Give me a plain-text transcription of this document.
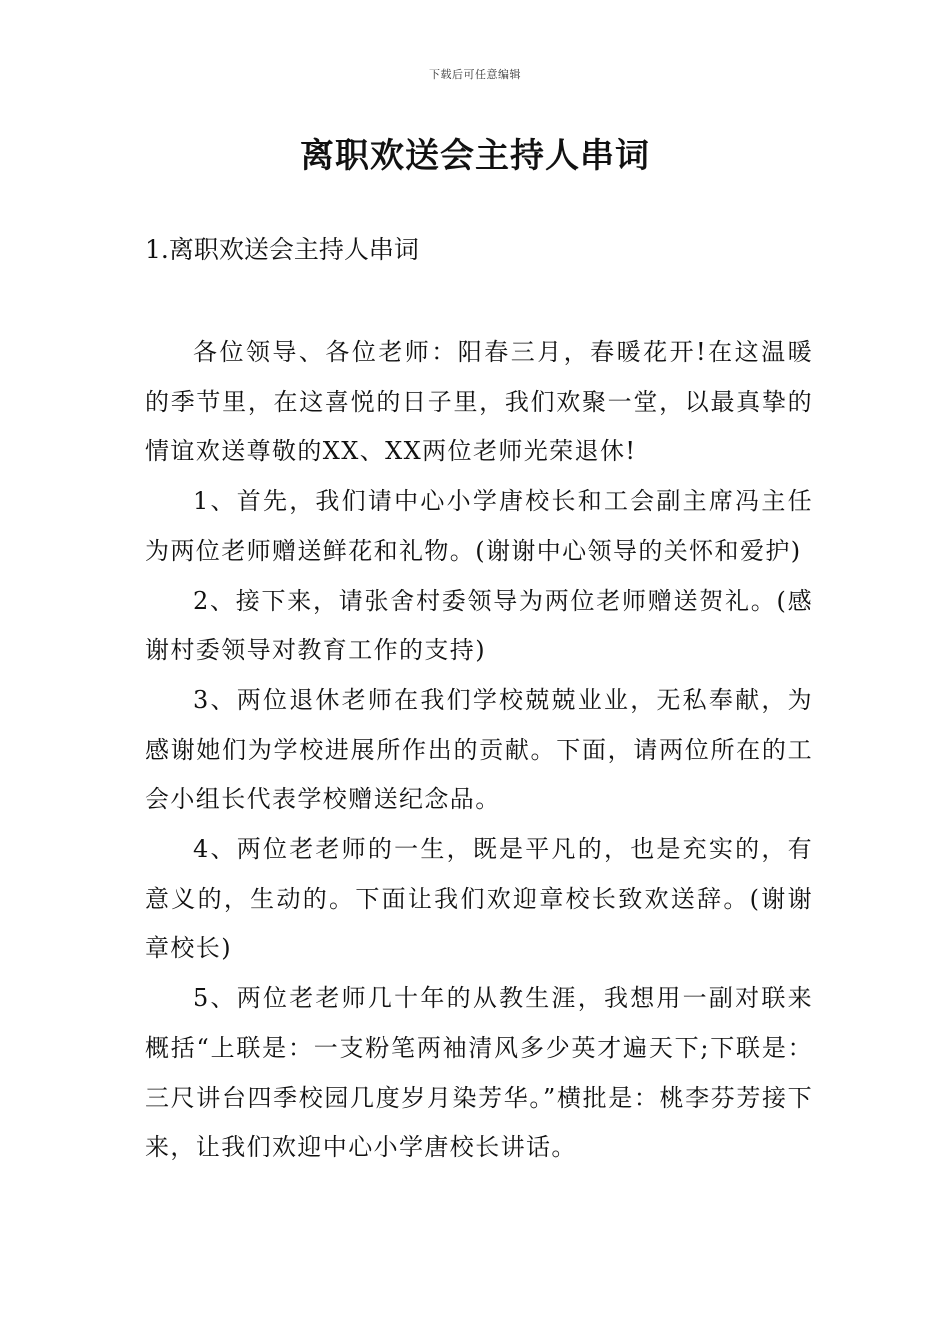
下载后可任意编辑
离职欢送会主持人串词
1.离职欢送会主持人串词

各位领导、各位老师：阳春三月，春暖花开!在这温暖的季节里，在这喜悦的日子里，我们欢聚一堂，以最真挚的情谊欢送尊敬的XX、XX两位老师光荣退休!

1、首先，我们请中心小学唐校长和工会副主席冯主任为两位老师赠送鲜花和礼物。(谢谢中心领导的关怀和爱护)

2、接下来，请张舍村委领导为两位老师赠送贺礼。(感谢村委领导对教育工作的支持)

3、两位退休老师在我们学校兢兢业业，无私奉献，为感谢她们为学校进展所作出的贡献。下面，请两位所在的工会小组长代表学校赠送纪念品。

4、两位老老师的一生，既是平凡的，也是充实的，有意义的，生动的。下面让我们欢迎章校长致欢送辞。(谢谢章校长)

5、两位老老师几十年的从教生涯，我想用一副对联来概括“上联是：一支粉笔两袖清风多少英才遍天下;下联是：三尺讲台四季校园几度岁月染芳华。”横批是：桃李芬芳接下来，让我们欢迎中心小学唐校长讲话。
